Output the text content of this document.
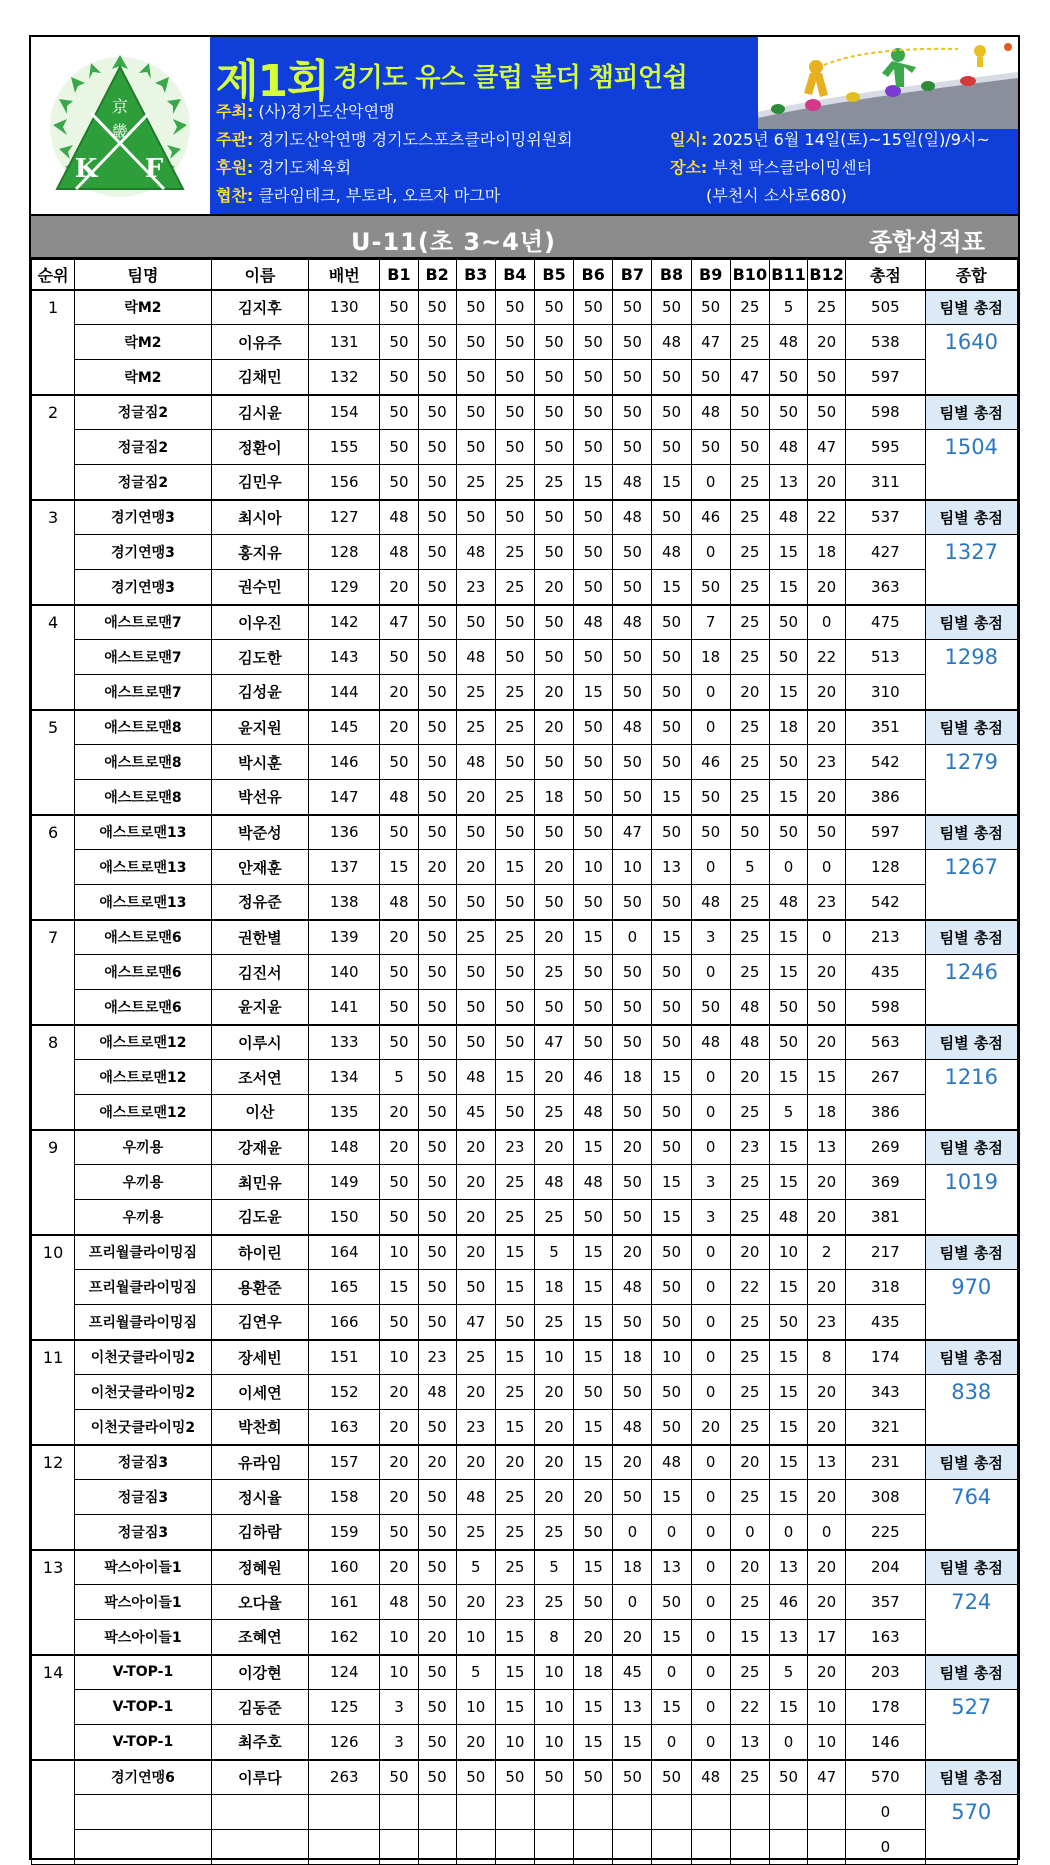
京
畿
K F
제1회 경기도 유스 클럽 볼더 챔피언쉽
주최: (사)경기도산악연맹
주관: 경기도산악연맹 경기도스포츠클라이밍위원회
후원: 경기도체육회
협찬: 클라임테크, 부토라, 오르자 마그마
일시: 2025년 6월 14일(토)~15일(일)/9시~
장소: 부천 팍스클라이밍센터
(부천시 소사로680)
U-11(초 3~4년)	종합성적표
순위	팀명	이름	배번	B1	B2	B3	B4	B5	B6	B7	B8	B9	B10	B11	B12	총점	종합
1	락M2	김지후	130	50	50	50	50	50	50	50	50	50	25	5	25	505	팀별 총점
	락M2	이유주	131	50	50	50	50	50	50	50	48	47	25	48	20	538	1640
	락M2	김채민	132	50	50	50	50	50	50	50	50	50	47	50	50	597	
2	정글짐2	김시윤	154	50	50	50	50	50	50	50	50	48	50	50	50	598	팀별 총점
	정글짐2	정환이	155	50	50	50	50	50	50	50	50	50	50	48	47	595	1504
	정글짐2	김민우	156	50	50	25	25	25	15	48	15	0	25	13	20	311	
3	경기연맹3	최시아	127	48	50	50	50	50	50	48	50	46	25	48	22	537	팀별 총점
	경기연맹3	홍지유	128	48	50	48	25	50	50	50	48	0	25	15	18	427	1327
	경기연맹3	권수민	129	20	50	23	25	20	50	50	15	50	25	15	20	363	
4	애스트로맨7	이우진	142	47	50	50	50	50	48	48	50	7	25	50	0	475	팀별 총점
	애스트로맨7	김도한	143	50	50	48	50	50	50	50	50	18	25	50	22	513	1298
	애스트로맨7	김성윤	144	20	50	25	25	20	15	50	50	0	20	15	20	310	
5	애스트로맨8	윤지원	145	20	50	25	25	20	50	48	50	0	25	18	20	351	팀별 총점
	애스트로맨8	박시훈	146	50	50	48	50	50	50	50	50	46	25	50	23	542	1279
	애스트로맨8	박선유	147	48	50	20	25	18	50	50	15	50	25	15	20	386	
6	애스트로맨13	박준성	136	50	50	50	50	50	50	47	50	50	50	50	50	597	팀별 총점
	애스트로맨13	안재훈	137	15	20	20	15	20	10	10	13	0	5	0	0	128	1267
	애스트로맨13	정유준	138	48	50	50	50	50	50	50	50	48	25	48	23	542	
7	애스트로맨6	권한별	139	20	50	25	25	20	15	0	15	3	25	15	0	213	팀별 총점
	애스트로맨6	김진서	140	50	50	50	50	25	50	50	50	0	25	15	20	435	1246
	애스트로맨6	윤지윤	141	50	50	50	50	50	50	50	50	50	48	50	50	598	
8	애스트로맨12	이루시	133	50	50	50	50	47	50	50	50	48	48	50	20	563	팀별 총점
	애스트로맨12	조서연	134	5	50	48	15	20	46	18	15	0	20	15	15	267	1216
	애스트로맨12	이산	135	20	50	45	50	25	48	50	50	0	25	5	18	386	
9	우끼용	강재윤	148	20	50	20	23	20	15	20	50	0	23	15	13	269	팀별 총점
	우끼용	최민유	149	50	50	20	25	48	48	50	15	3	25	15	20	369	1019
	우끼용	김도윤	150	50	50	20	25	25	50	50	15	3	25	48	20	381	
10	프리월클라이밍짐	하이린	164	10	50	20	15	5	15	20	50	0	20	10	2	217	팀별 총점
	프리월클라이밍짐	용환준	165	15	50	50	15	18	15	48	50	0	22	15	20	318	970
	프리월클라이밍짐	김연우	166	50	50	47	50	25	15	50	50	0	25	50	23	435	
11	이천굿클라이밍2	장세빈	151	10	23	25	15	10	15	18	10	0	25	15	8	174	팀별 총점
	이천굿클라이밍2	이세연	152	20	48	20	25	20	50	50	50	0	25	15	20	343	838
	이천굿클라이밍2	박찬희	163	20	50	23	15	20	15	48	50	20	25	15	20	321	
12	정글짐3	유라임	157	20	20	20	20	20	15	20	48	0	20	15	13	231	팀별 총점
	정글짐3	정시율	158	20	50	48	25	20	20	50	15	0	25	15	20	308	764
	정글짐3	김하람	159	50	50	25	25	25	50	0	0	0	0	0	0	225	
13	팍스아이들1	정혜원	160	20	50	5	25	5	15	18	13	0	20	13	20	204	팀별 총점
	팍스아이들1	오다율	161	48	50	20	23	25	50	0	50	0	25	46	20	357	724
	팍스아이들1	조혜연	162	10	20	10	15	8	20	20	15	0	15	13	17	163	
14	V-TOP-1	이강현	124	10	50	5	15	10	18	45	0	0	25	5	20	203	팀별 총점
	V-TOP-1	김동준	125	3	50	10	15	10	15	13	15	0	22	15	10	178	527
	V-TOP-1	최주호	126	3	50	20	10	10	15	15	0	0	13	0	10	146	
	경기연맹6	이루다	263	50	50	50	50	50	50	50	50	48	25	50	47	570	팀별 총점
																0	570
																0	
